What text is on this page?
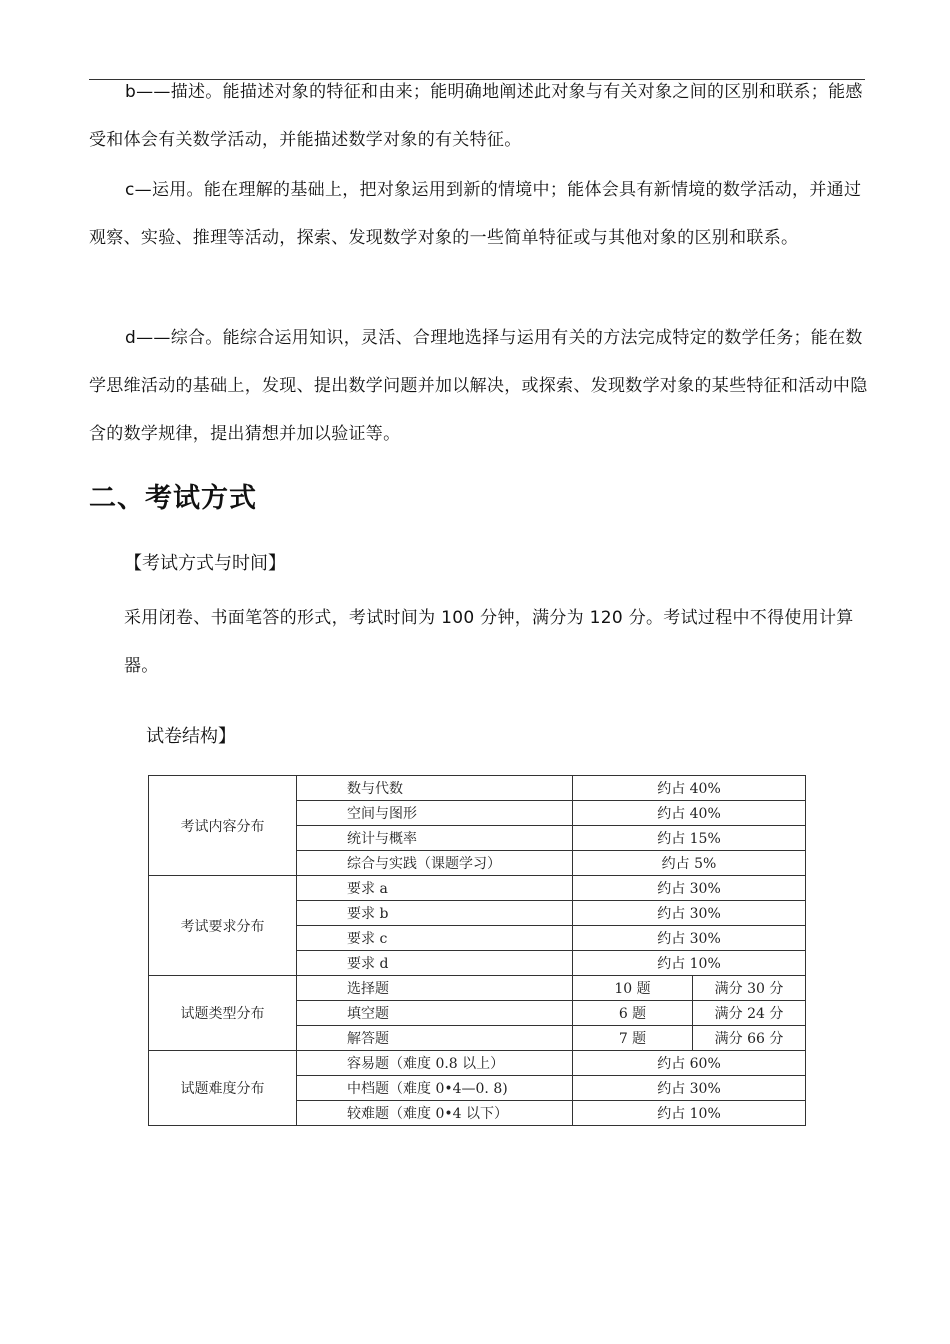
b——描述。能描述对象的特征和由来；能明确地阐述此对象与有关对象之间的区别和联系；能感受和体会有关数学活动，并能描述数学对象的有关特征。

c—运用。能在理解的基础上，把对象运用到新的情境中；能体会具有新情境的数学活动，并通过观察、实验、推理等活动，探索、发现数学对象的一些简单特征或与其他对象的区别和联系。

d——综合。能综合运用知识，灵活、合理地选择与运用有关的方法完成特定的数学任务；能在数学思维活动的基础上，发现、提出数学问题并加以解决，或探索、发现数学对象的某些特征和活动中隐含的数学规律，提出猜想并加以验证等。

二、考试方式

【考试方式与时间】

采用闭卷、书面笔答的形式，考试时间为 100 分钟，满分为 120 分。考试过程中不得使用计算器。

试卷结构】

考试内容分布	数与代数	约占 40%	
	空间与图形	约占 40%	
	统计与概率	约占 15%	
	综合与实践（课题学习）	约占 5%	
考试要求分布	要求 a	约占 30%	
	要求 b	约占 30%	
	要求 c	约占 30%	
	要求 d	约占 10%	
试题类型分布	选择题	10 题	满分 30 分
	填空题	6 题	满分 24 分
	解答题	7 题	满分 66 分
试题难度分布	容易题（难度 0.8 以上）	约占 60%	
	中档题（难度 0•4—0. 8)	约占 30%	
	较难题（难度 0•4 以下）	约占 10%	
